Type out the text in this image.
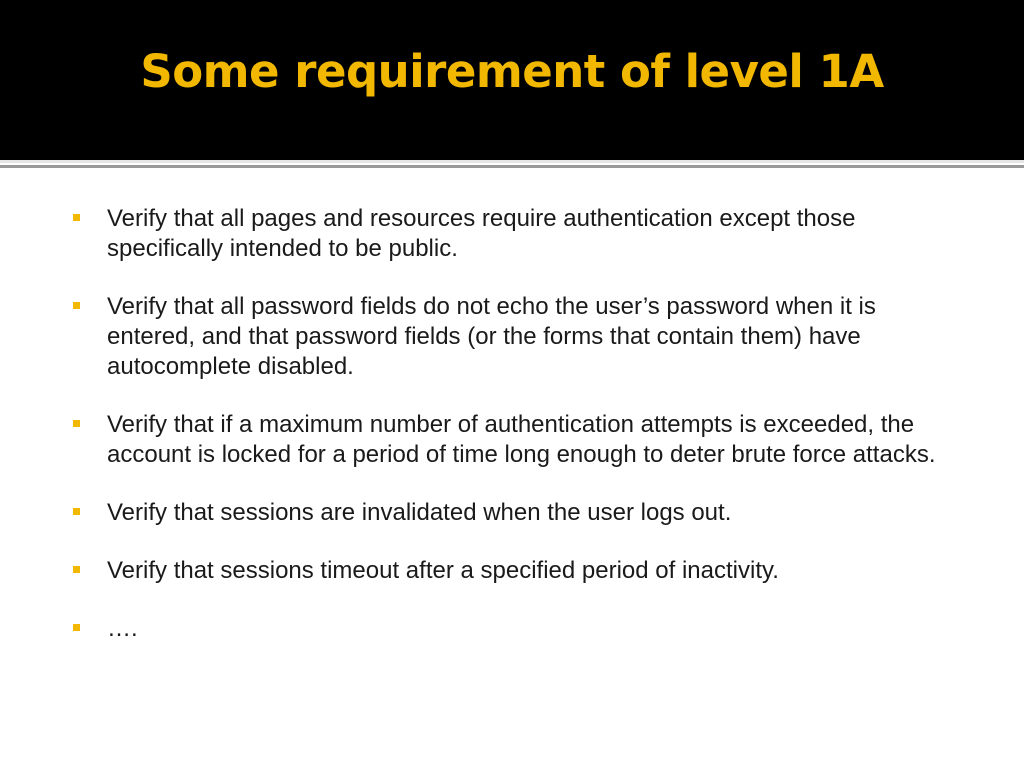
Some requirement of level 1A
Verify that all pages and resources require authentication except those specifically intended to be public.
Verify that all password fields do not echo the user’s password when it is entered, and that password fields (or the forms that contain them) have autocomplete disabled.
Verify that if a maximum number of authentication attempts is exceeded, the account is locked for a period of time long enough to deter brute force attacks.
Verify that sessions are invalidated when the user logs out.
Verify that sessions timeout after a specified period of inactivity.
….
